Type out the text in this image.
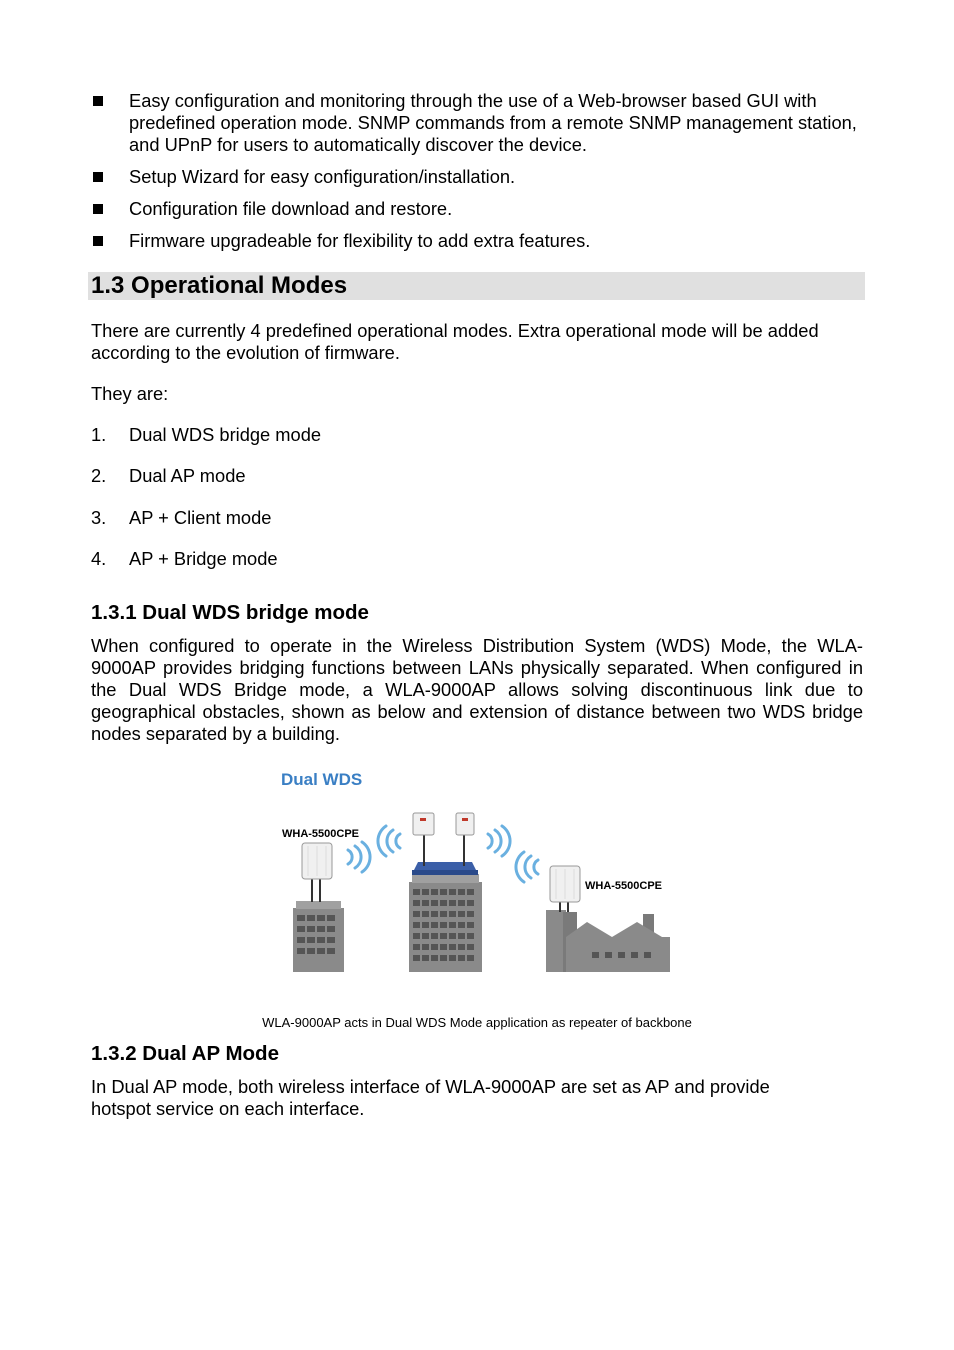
Easy configuration and monitoring through the use of a Web-browser based GUI with predefined operation mode. SNMP commands from a remote SNMP management station, and UPnP for users to automatically discover the device.
Setup Wizard for easy configuration/installation.
Configuration file download and restore.
Firmware upgradeable for flexibility to add extra features.
1.3 Operational Modes

There are currently 4 predefined operational modes. Extra operational mode will be added according to the evolution of firmware.

They are:

1. Dual WDS bridge mode
2. Dual AP mode
3. AP + Client mode
4. AP + Bridge mode
1.3.1 Dual WDS bridge mode

When configured to operate in the Wireless Distribution System (WDS) Mode, the WLA-9000AP provides bridging functions between LANs physically separated. When configured in the Dual WDS Bridge mode, a WLA-9000AP allows solving discontinuous link due to geographical obstacles, shown as below and extension of distance between two WDS bridge nodes separated by a building.

Dual WDS
WHA-5500CPE
WHA-5500CPE
WLA-9000AP acts in Dual WDS Mode application as repeater of backbone
1.3.2 Dual AP Mode

In Dual AP mode, both wireless interface of WLA-9000AP are set as AP and provide hotspot service on each interface.
